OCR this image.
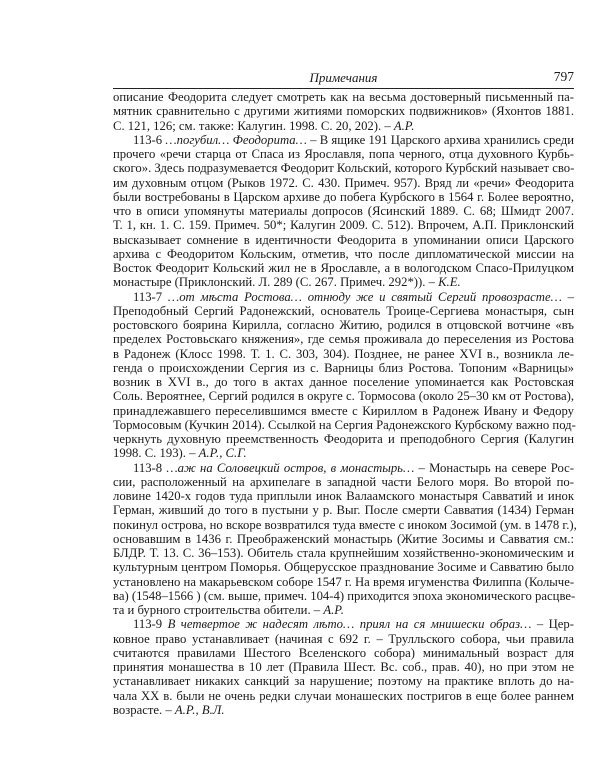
Примечания	797
описание Феодорита следует смотреть как на весьма достоверный письменный па-
мятник сравнительно с другими житиями поморских подвижников» (Яхонтов 1881.
С. 121, 126; см. также: Калугин. 1998. С. 20, 202). – А.Р.
113-6 …погубил… Феодорита… – В ящике 191 Царского архива хранились среди
прочего «речи старца от Спаса из Ярославля, попа черного, отца духовного Курбь-
ского». Здесь подразумевается Феодорит Кольский, которого Курбский называет сво-
им духовным отцом (Рыков 1972. С. 430. Примеч. 957). Вряд ли «речи» Феодорита
были востребованы в Царском архиве до побега Курбского в 1564 г. Более вероятно,
что в описи упомянуты материалы допросов (Ясинский 1889. С. 68; Шмидт 2007.
Т. 1, кн. 1. С. 159. Примеч. 50*; Калугин 2009. С. 512). Впрочем, А.П. Приклонский
высказывает сомнение в идентичности Феодорита в упоминании описи Царского
архива с Феодоритом Кольским, отметив, что после дипломатической миссии на
Восток Феодорит Кольский жил не в Ярославле, а в вологодском Спасо-Прилуцком
монастыре (Приклонский. Л. 289 (С. 267. Примеч. 292*)). – К.Е.
113-7 …от мѣста Ростова… отнюду же и святый Сергий провозрасте… –
Преподобный Сергий Радонежский, основатель Троице-Сергиева монастыря, сын
ростовского боярина Кирилла, согласно Житию, родился в отцовской вотчине «въ
пределех Ростовьскаго княжения», где семья проживала до переселения из Ростова
в Радонеж (Клосс 1998. Т. 1. С. 303, 304). Позднее, не ранее XVI в., возникла ле-
генда о происхождении Сергия из с. Варницы близ Ростова. Топоним «Варницы»
возник в XVI в., до того в актах данное поселение упоминается как Ростовская
Соль. Вероятнее, Сергий родился в округе с. Тормосова (около 25–30 км от Ростова),
принадлежавшего переселившимся вместе с Кириллом в Радонеж Ивану и Федору
Тормосовым (Кучкин 2014). Ссылкой на Сергия Радонежского Курбскому важно под-
черкнуть духовную преемственность Феодорита и преподобного Сергия (Калугин
1998. С. 193). – А.Р., С.Г.
113-8 …аж на Соловецкий остров, в монастырь… – Монастырь на севере Рос-
сии, расположенный на архипелаге в западной части Белого моря. Во второй по-
ловине 1420-х годов туда приплыли инок Валаамского монастыря Савватий и инок
Герман, живший до того в пустыни у р. Выг. После смерти Савватия (1434) Герман
покинул острова, но вскоре возвратился туда вместе с иноком Зосимой (ум. в 1478 г.),
основавшим в 1436 г. Преображенский монастырь (Житие Зосимы и Савватия см.:
БЛДР. Т. 13. С. 36–153). Обитель стала крупнейшим хозяйственно-экономическим и
культурным центром Поморья. Общерусское празднование Зосиме и Савватию было
установлено на макарьевском соборе 1547 г. На время игуменства Филиппа (Колыче-
ва) (1548–1566 ) (см. выше, примеч. 104-4) приходится эпоха экономического расцве-
та и бурного строительства обители. – А.Р.
113-9 В четвертое ж надесят лѣто… приял на ся мнишески образ… – Цер-
ковное право устанавливает (начиная с 692 г. – Трулльского собора, чьи правила
считаются правилами Шестого Вселенского собора) минимальный возраст для
принятия монашества в 10 лет (Правила Шест. Вс. соб., прав. 40), но при этом не
устанавливает никаких санкций за нарушение; поэтому на практике вплоть до на-
чала XX в. были не очень редки случаи монашеских постригов в еще более раннем
возрасте. – А.Р., В.Л.
